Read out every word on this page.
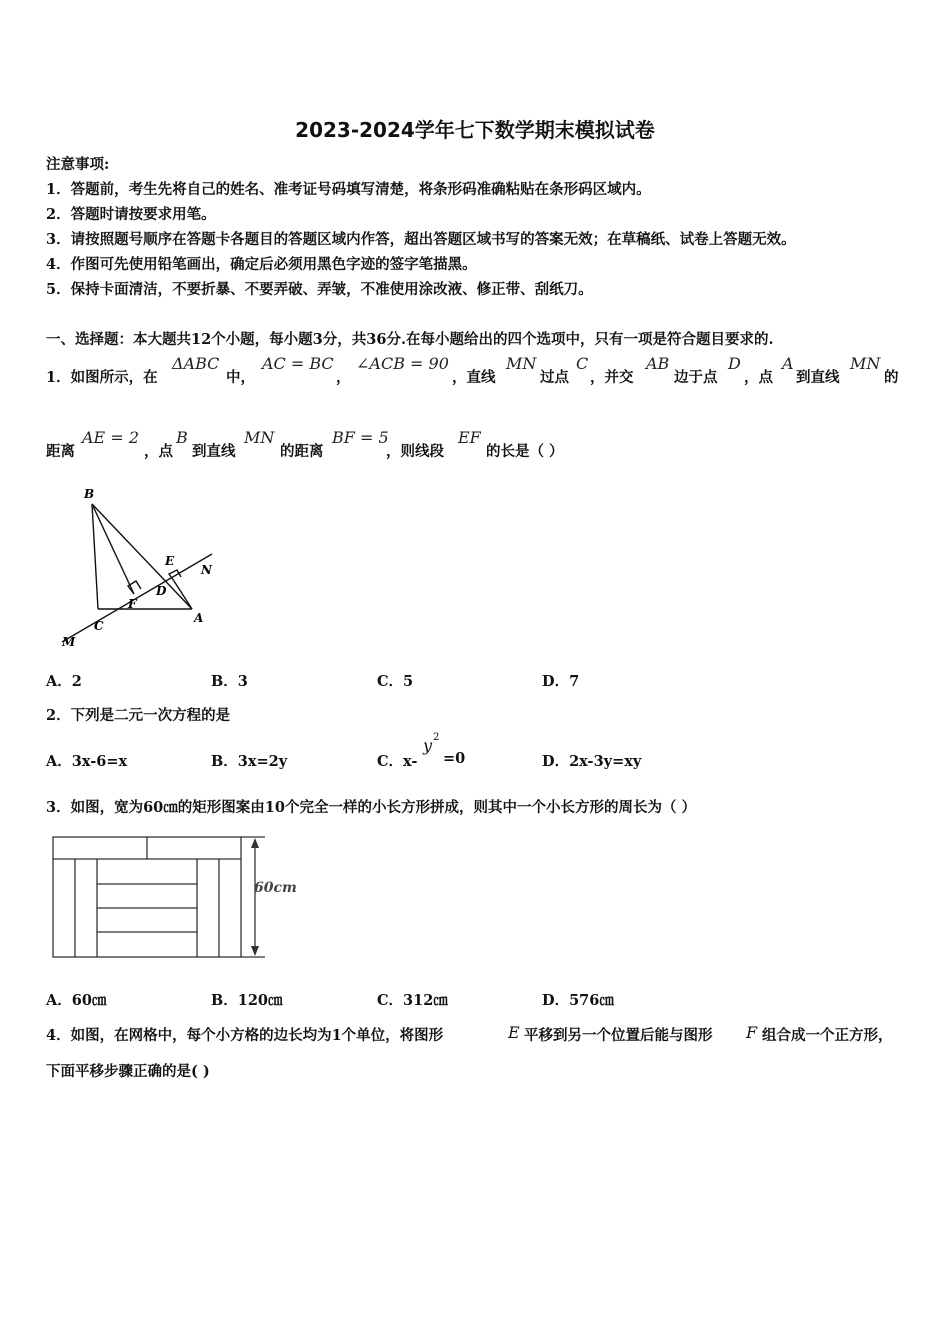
2023-2024学年七下数学期末模拟试卷
注意事项:
1．答题前，考生先将自己的姓名、准考证号码填写清楚，将条形码准确粘贴在条形码区域内。
2．答题时请按要求用笔。
3．请按照题号顺序在答题卡各题目的答题区域内作答，超出答题区域书写的答案无效；在草稿纸、试卷上答题无效。
4．作图可先使用铅笔画出，确定后必须用黑色字迹的签字笔描黑。
5．保持卡面清洁，不要折暴、不要弄破、弄皱，不准使用涂改液、修正带、刮纸刀。
一、选择题：本大题共12个小题，每小题3分，共36分.在每小题给出的四个选项中，只有一项是符合题目要求的.
1．如图所示，在
ΔABC
中，
AC = BC
，
∠ACB = 90
，直线
MN
过点
C
，并交
AB
边于点
D
，点
A
到直线
MN
的
距离
AE = 2
，点
B
到直线
MN
的距离
BF = 5
，则线段
EF
的长是（ ）
B
E
N
D
F
C
A
M
A．2	B．3	C．5	D．7
2．下列是二元一次方程的是
A．3x-6=x	B．3x=2y	C．x-
y 2
=0	D．2x-3y=xy
3．如图，宽为60㎝的矩形图案由10个完全一样的小长方形拼成，则其中一个小长方形的周长为（ ）
60cm
A．60㎝	B．120㎝	C．312㎝	D．576㎝
4．如图，在网格中，每个小方格的边长均为1个单位，将图形	E 平移到另一个位置后能与图形 F 组合成一个正方形，
下面平移步骤正确的是( )
